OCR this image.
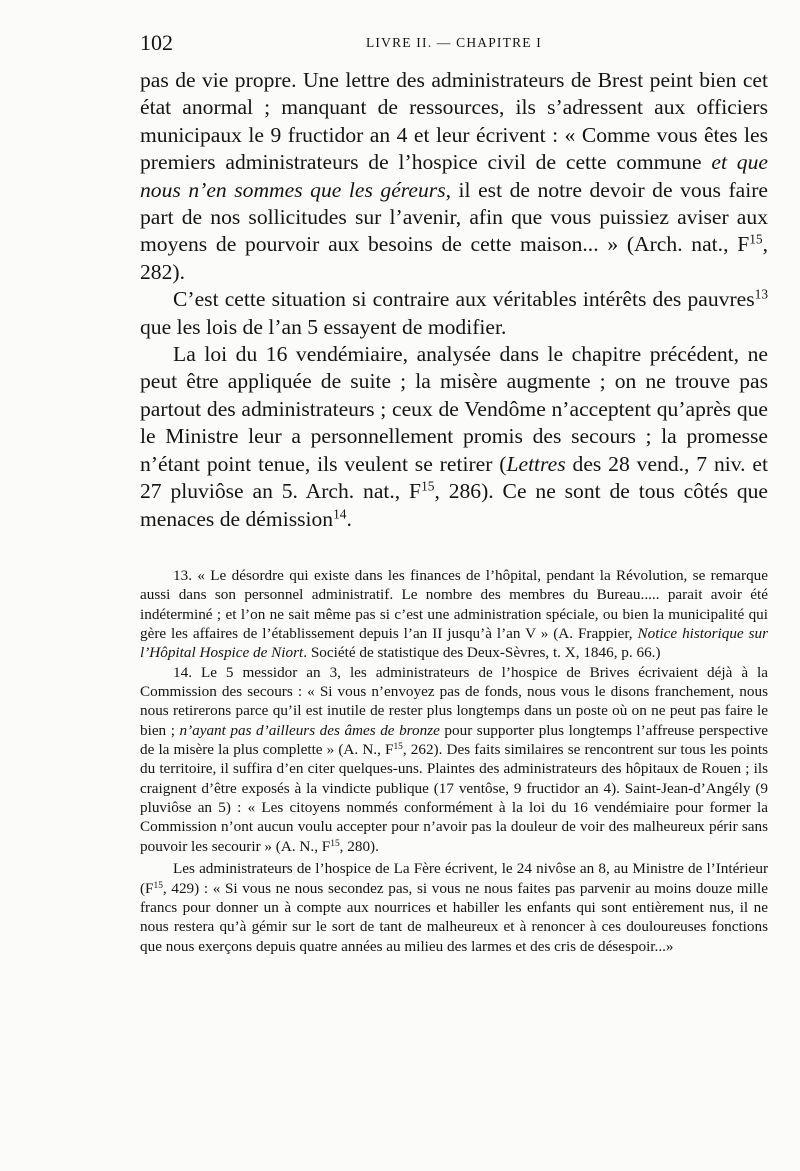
102	LIVRE II. — CHAPITRE I

pas de vie propre. Une lettre des administrateurs de Brest peint bien cet état anormal ; manquant de ressources, ils s’adressent aux officiers municipaux le 9 fructidor an 4 et leur écrivent : « Comme vous êtes les premiers administrateurs de l’hospice civil de cette commune et que nous n’en sommes que les géreurs, il est de notre devoir de vous faire part de nos sollicitudes sur l’avenir, afin que vous puissiez aviser aux moyens de pourvoir aux besoins de cette maison... » (Arch. nat., $F^{15}$, 282).

C’est cette situation si contraire aux véritables intérêts des pauvres$^{13}$ que les lois de l’an 5 essayent de modifier.

La loi du 16 vendémiaire, analysée dans le chapitre précédent, ne peut être appliquée de suite ; la misère augmente ; on ne trouve pas partout des administrateurs ; ceux de Vendôme n’acceptent qu’après que le Ministre leur a personnellement promis des secours ; la promesse n’étant point tenue, ils veulent se retirer (Lettres des 28 vend., 7 niv. et 27 pluviôse an 5. Arch. nat., $F^{15}$, 286). Ce ne sont de tous côtés que menaces de démission$^{14}$.

13. « Le désordre qui existe dans les finances de l’hôpital, pendant la Révolution, se remarque aussi dans son personnel administratif. Le nombre des membres du Bureau..... parait avoir été indéterminé ; et l’on ne sait même pas si c’est une administration spéciale, ou bien la municipalité qui gère les affaires de l’établissement depuis l’an II jusqu’à l’an V » (A. Frappier, Notice historique sur l’Hôpital Hospice de Niort. Société de statistique des Deux-Sèvres, t. X, 1846, p. 66.)

14. Le 5 messidor an 3, les administrateurs de l’hospice de Brives écrivaient déjà à la Commission des secours : « Si vous n’envoyez pas de fonds, nous vous le disons franchement, nous nous retirerons parce qu’il est inutile de rester plus longtemps dans un poste où on ne peut pas faire le bien ; n’ayant pas d’ailleurs des âmes de bronze pour supporter plus longtemps l’affreuse perspective de la misère la plus complette » (A. N., $F^{15}$, 262). Des faits similaires se rencontrent sur tous les points du territoire, il suffira d’en citer quelques-uns. Plaintes des administrateurs des hôpitaux de Rouen ; ils craignent d’être exposés à la vindicte publique (17 ventôse, 9 fructidor an 4). Saint-Jean-d’Angély (9 pluviôse an 5) : « Les citoyens nommés conformément à la loi du 16 vendémiaire pour former la Commission n’ont aucun voulu accepter pour n’avoir pas la douleur de voir des malheureux périr sans pouvoir les secourir » (A. N., $F^{15}$, 280).

Les administrateurs de l’hospice de La Fère écrivent, le 24 nivôse an 8, au Ministre de l’Intérieur ($F^{15}$, 429) : « Si vous ne nous secondez pas, si vous ne nous faites pas parvenir au moins douze mille francs pour donner un à compte aux nourrices et habiller les enfants qui sont entièrement nus, il ne nous restera qu’à gémir sur le sort de tant de malheureux et à renoncer à ces douloureuses fonctions que nous exerçons depuis quatre années au milieu des larmes et des cris de désespoir...»
